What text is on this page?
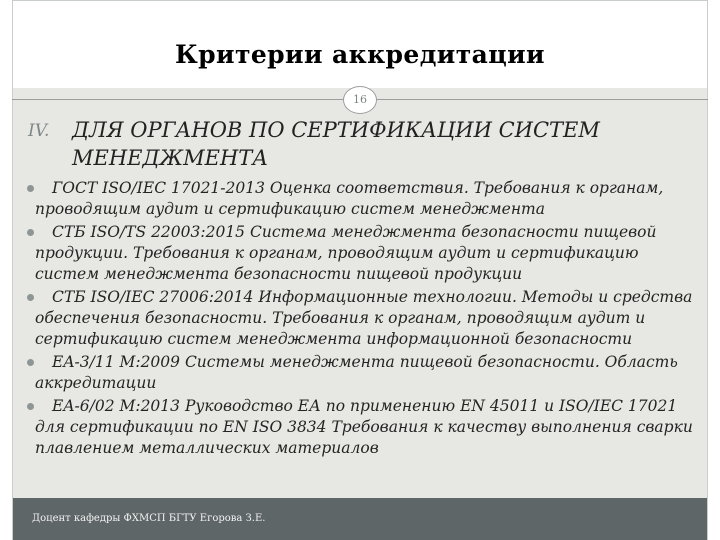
Критерии аккредитации
16
IV. ДЛЯ ОРГАНОВ ПО СЕРТИФИКАЦИИ СИСТЕМ МЕНЕДЖМЕНТА
ГОСТ ISO/IEC 17021-2013 Оценка соответствия. Требования к органам, проводящим аудит и сертификацию систем менеджмента
СТБ ISO/TS 22003:2015 Система менеджмента безопасности пищевой продукции. Требования к органам, проводящим аудит и сертификацию систем менеджмента безопасности пищевой продукции
СТБ ISO/IEC 27006:2014 Информационные технологии. Методы и средства обеспечения безопасности. Требования к органам, проводящим аудит и сертификацию систем менеджмента информационной безопасности
EA-3/11 M:2009 Системы менеджмента пищевой безопасности. Область аккредитации
EA-6/02 M:2013 Руководство ЕА по применению EN 45011 и ISO/IEC 17021 для сертификации по EN ISO 3834 Требования к качеству выполнения сварки плавлением металлических материалов
Доцент кафедры ФХМСП БГТУ Егорова З.Е.
